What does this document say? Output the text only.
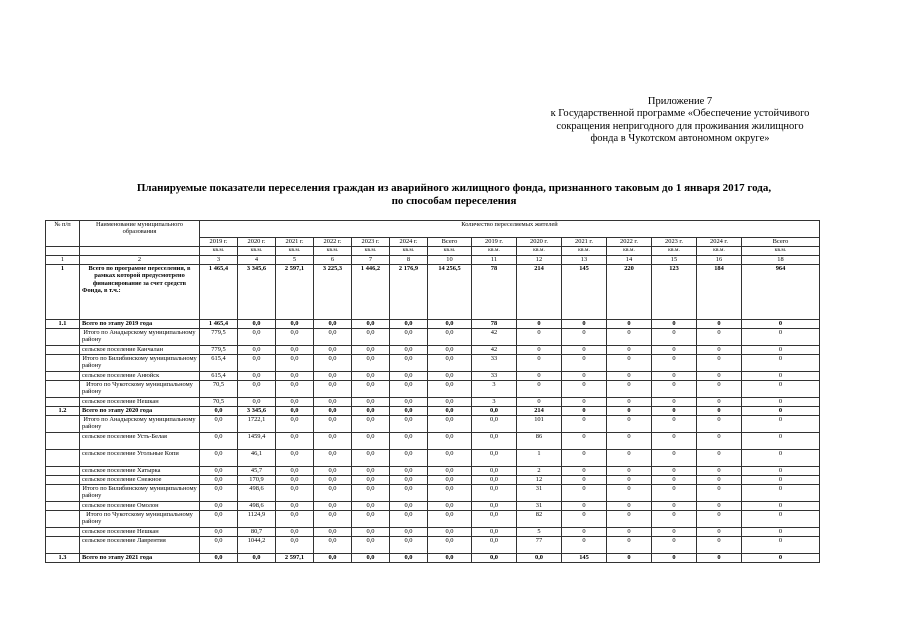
Приложение 7
к Государственной программе «Обеспечение устойчивого
сокращения непригодного для проживания жилищного
фонда в Чукотском автономном округе»
Планируемые показатели переселения граждан из аварийного жилищного фонда, признанного таковым до 1 января 2017 года,
по способам переселения
№ п/п	Наименование муниципального образования	Количество переселяемых жителей													
		2019 г.	2020 г.	2021 г.	2022 г.	2023 г.	2024 г.	Всего	2019 г.	2020 г.	2021 г.	2022 г.	2023 г.	2024 г.	Всего
		кв.м.	кв.м.	кв.м.	кв.м.	кв.м.	кв.м.	кв.м.	кв.м.	кв.м.	кв.м.	кв.м.	кв.м.	кв.м.	кв.м.
1	2	3	4	5	6	7	8	10	11	12	13	14	15	16	18
1	Всего по программе переселения, в рамках которой предусмотрено финансирование за счет средств Фонда, в т.ч.:	1 465,4	3 345,6	2 597,1	3 225,3	1 446,2	2 176,9	14 256,5	78	214	145	220	123	184	964
1.1	Всего по этапу 2019 года	1 465,4	0,0	0,0	0,0	0,0	0,0	0,0	78	0	0	0	0	0	0
	Итого по Анадырскому муниципальному району	779,5	0,0	0,0	0,0	0,0	0,0	0,0	42	0	0	0	0	0	0
	сельское поселение Канчалан	779,5	0,0	0,0	0,0	0,0	0,0	0,0	42	0	0	0	0	0	0
	Итого по Билибинскому муниципальному району	615,4	0,0	0,0	0,0	0,0	0,0	0,0	33	0	0	0	0	0	0
	сельское поселение Анюйск	615,4	0,0	0,0	0,0	0,0	0,0	0,0	33	0	0	0	0	0	0
	Итого по Чукотскому муниципальному району	70,5	0,0	0,0	0,0	0,0	0,0	0,0	3	0	0	0	0	0	0
	сельское поселение Нешкан	70,5	0,0	0,0	0,0	0,0	0,0	0,0	3	0	0	0	0	0	0
1.2	Всего по этапу 2020 года	0,0	3 345,6	0,0	0,0	0,0	0,0	0,0	0,0	214	0	0	0	0	0
	Итого по Анадырскому муниципальному району	0,0	1722,1	0,0	0,0	0,0	0,0	0,0	0,0	101	0	0	0	0	0
	сельское поселение Усть-Белая	0,0	1459,4	0,0	0,0	0,0	0,0	0,0	0,0	86	0	0	0	0	0
	сельское поселение Угольные Копи	0,0	46,1	0,0	0,0	0,0	0,0	0,0	0,0	1	0	0	0	0	0
	сельское поселение Хатырка	0,0	45,7	0,0	0,0	0,0	0,0	0,0	0,0	2	0	0	0	0	0
	сельское поселение Снежное	0,0	170,9	0,0	0,0	0,0	0,0	0,0	0,0	12	0	0	0	0	0
	Итого по Билибинскому муниципальному району	0,0	498,6	0,0	0,0	0,0	0,0	0,0	0,0	31	0	0	0	0	0
	сельское поселение Омолон	0,0	498,6	0,0	0,0	0,0	0,0	0,0	0,0	31	0	0	0	0	0
	Итого по Чукотскому муниципальному району	0,0	1124,9	0,0	0,0	0,0	0,0	0,0	0,0	82	0	0	0	0	0
	сельское поселение Нешкан	0,0	80,7	0,0	0,0	0,0	0,0	0,0	0,0	5	0	0	0	0	0
	сельское поселение Лаврентия	0,0	1044,2	0,0	0,0	0,0	0,0	0,0	0,0	77	0	0	0	0	0
1.3	Всего по этапу 2021 года	0,0	0,0	2 597,1	0,0	0,0	0,0	0,0	0,0	0,0	145	0	0	0	0
